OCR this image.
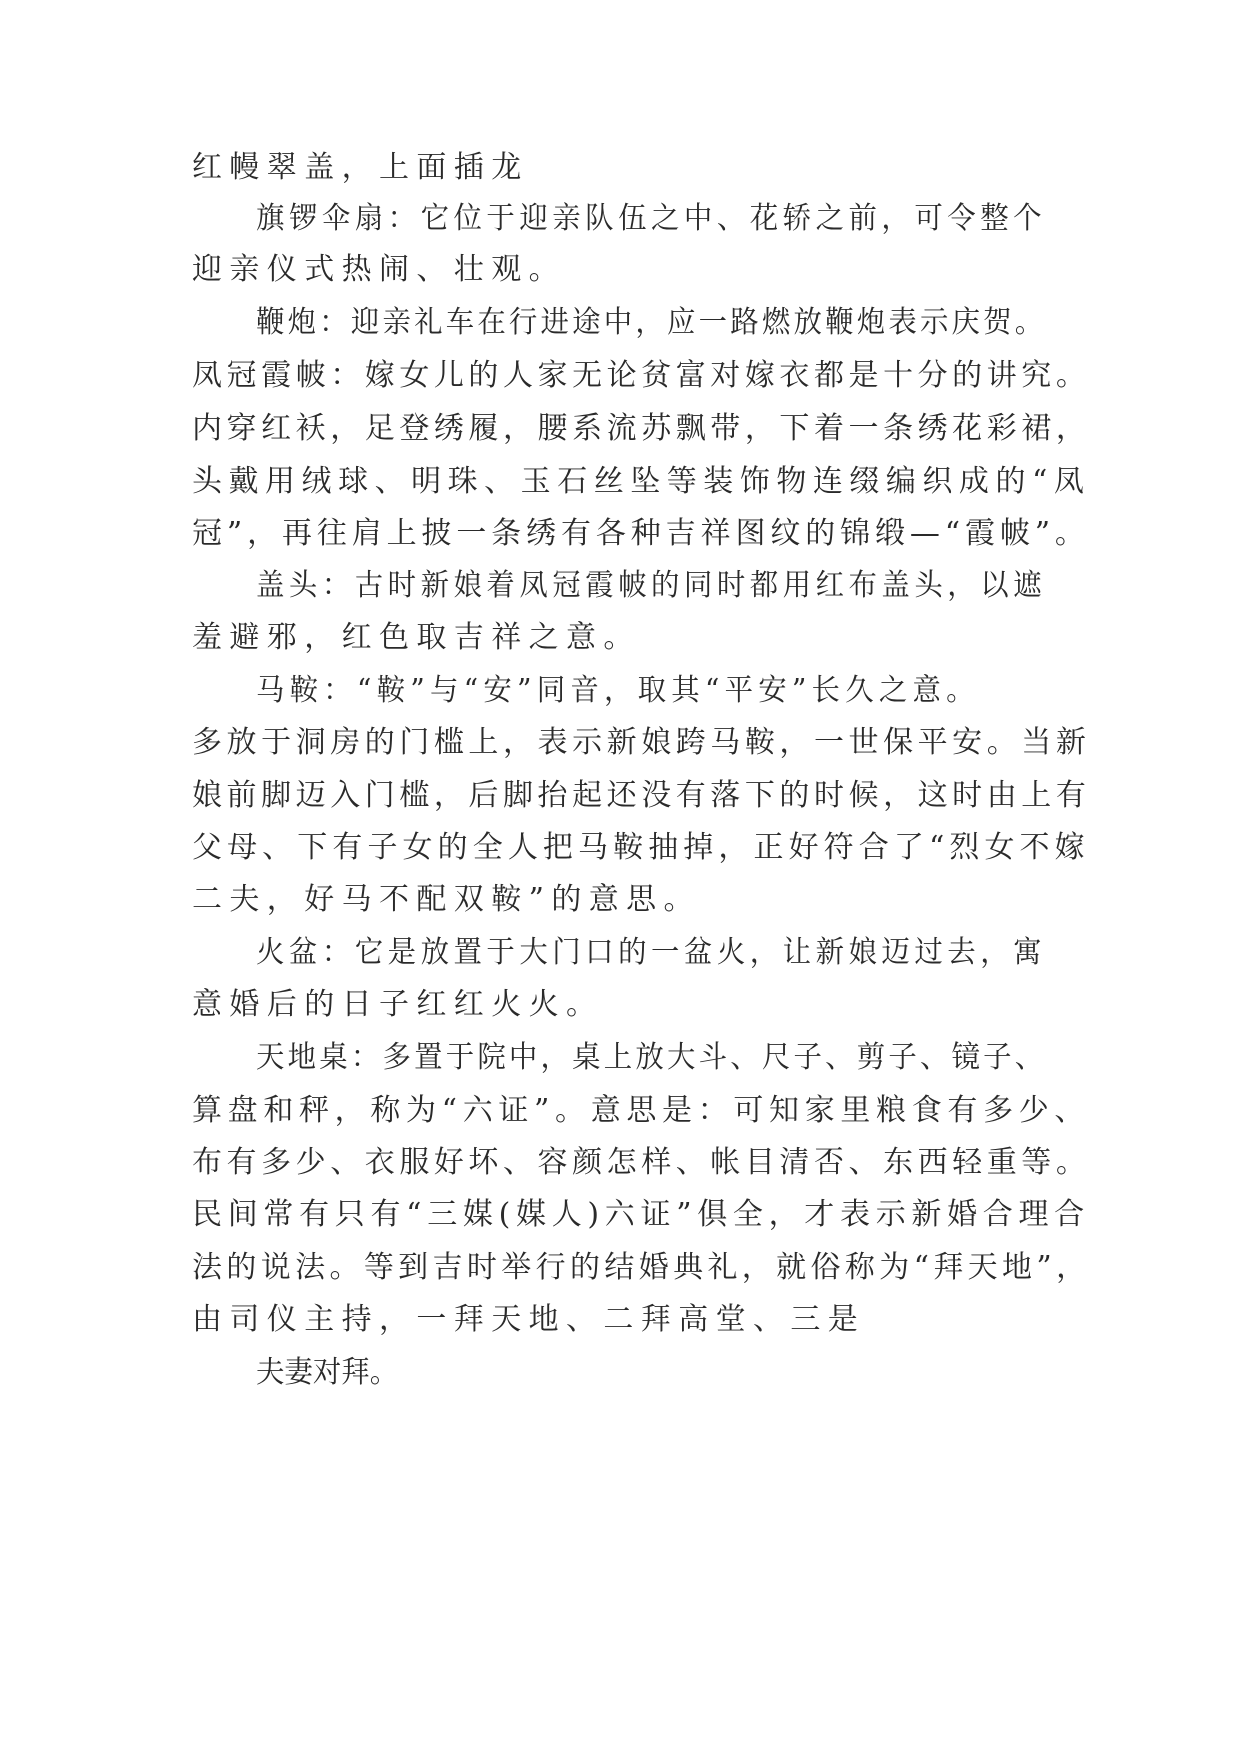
红幔翠盖，上面插龙
旗锣伞扇：它位于迎亲队伍之中、花轿之前，可令整个
迎亲仪式热闹、壮观。
鞭炮：迎亲礼车在行进途中，应一路燃放鞭炮表示庆贺。
凤冠霞帔：嫁女儿的人家无论贫富对嫁衣都是十分的讲究。
内穿红袄，足登绣履，腰系流苏飘带，下着一条绣花彩裙，
头戴用绒球、明珠、玉石丝坠等装饰物连缀编织成的“凤
冠”，再往肩上披一条绣有各种吉祥图纹的锦缎—“霞帔”。
盖头：古时新娘着凤冠霞帔的同时都用红布盖头，以遮
羞避邪，红色取吉祥之意。
马鞍：“鞍”与“安”同音，取其“平安”长久之意。
多放于洞房的门槛上，表示新娘跨马鞍，一世保平安。当新
娘前脚迈入门槛，后脚抬起还没有落下的时候，这时由上有
父母、下有子女的全人把马鞍抽掉，正好符合了“烈女不嫁
二夫，好马不配双鞍”的意思。
火盆：它是放置于大门口的一盆火，让新娘迈过去，寓
意婚后的日子红红火火。
天地桌：多置于院中，桌上放大斗、尺子、剪子、镜子、
算盘和秤，称为“六证”。意思是：可知家里粮食有多少、
布有多少、衣服好坏、容颜怎样、帐目清否、东西轻重等。
民间常有只有“三媒(媒人)六证”俱全，才表示新婚合理合
法的说法。等到吉时举行的结婚典礼，就俗称为“拜天地”，
由司仪主持，一拜天地、二拜高堂、三是
夫妻对拜。
